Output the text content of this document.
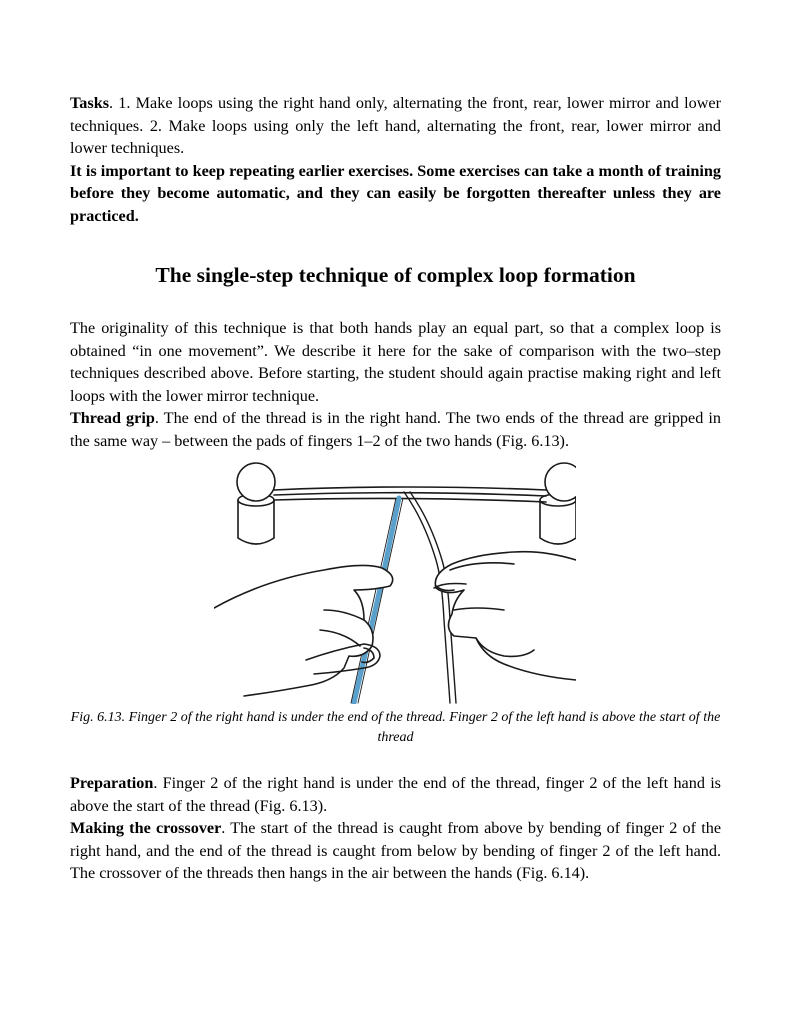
Tasks. 1. Make loops using the right hand only, alternating the front, rear, lower mirror and lower techniques. 2. Make loops using only the left hand, alternating the front, rear, lower mirror and lower techniques.

It is important to keep repeating earlier exercises. Some exercises can take a month of training before they become automatic, and they can easily be forgotten thereafter unless they are practiced.

The single-step technique of complex loop formation

The originality of this technique is that both hands play an equal part, so that a complex loop is obtained “in one movement”. We describe it here for the sake of comparison with the two–step techniques described above. Before starting, the student should again practise making right and left loops with the lower mirror technique.

Thread grip. The end of the thread is in the right hand. The two ends of the thread are gripped in the same way – between the pads of fingers 1–2 of the two hands (Fig. 6.13).

Fig. 6.13. Finger 2 of the right hand is under the end of the thread. Finger 2 of the left hand is above the start of the thread

Preparation. Finger 2 of the right hand is under the end of the thread, finger 2 of the left hand is above the start of the thread (Fig. 6.13).

Making the crossover. The start of the thread is caught from above by bending of finger 2 of the right hand, and the end of the thread is caught from below by bending of finger 2 of the left hand. The crossover of the threads then hangs in the air between the hands (Fig. 6.14).
